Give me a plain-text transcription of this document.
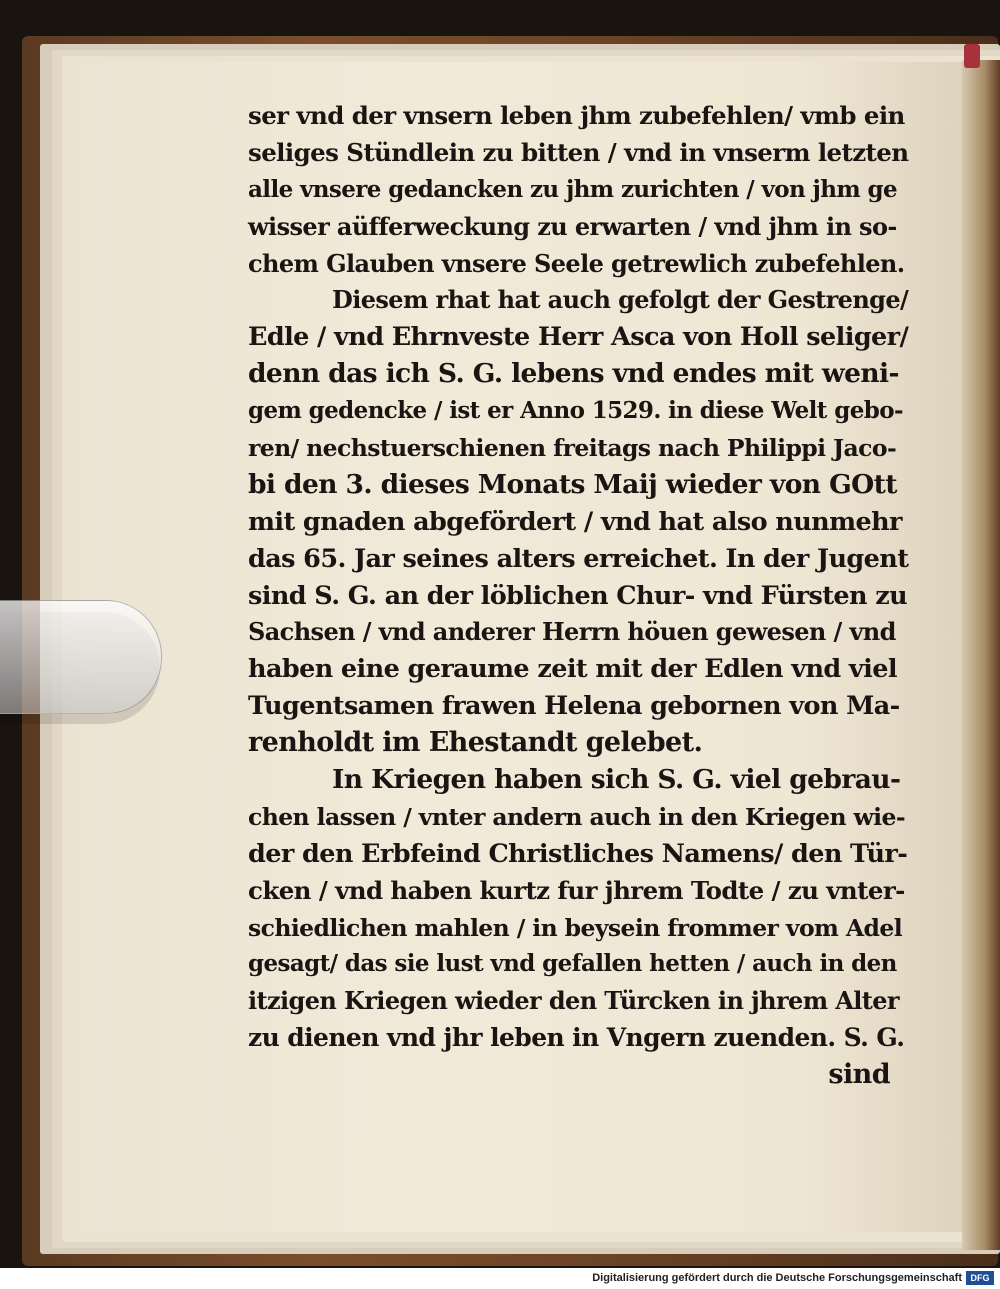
ser vnd der vnsern leben jhm zubefehlen/ vmb ein
seliges Stündlein zu bitten / vnd in vnserm letzten
alle vnsere gedancken zu jhm zurichten / von jhm ge
wisser aüfferweckung zu erwarten / vnd jhm in so-
chem Glauben vnsere Seele getrewlich zubefehlen.
Diesem rhat hat auch gefolgt der Gestrenge/
Edle / vnd Ehrnveste Herr Asca von Holl seliger/
denn das ich S. G. lebens vnd endes mit weni-
gem gedencke / ist er Anno 1529. in diese Welt gebo-
ren/ nechstuerschienen freitags nach Philippi Jaco-
bi den 3. dieses Monats Maij wieder von GOtt
mit gnaden abgefördert / vnd hat also nunmehr
das 65. Jar seines alters erreichet. In der Jugent
sind S. G. an der löblichen Chur- vnd Fürsten zu
Sachsen / vnd anderer Herrn höuen gewesen / vnd
haben eine geraume zeit mit der Edlen vnd viel
Tugentsamen frawen Helena gebornen von Ma-
renholdt im Ehestandt gelebet.
In Kriegen haben sich S. G. viel gebrau-
chen lassen / vnter andern auch in den Kriegen wie-
der den Erbfeind Christliches Namens/ den Tür-
cken / vnd haben kurtz fur jhrem Todte / zu vnter-
schiedlichen mahlen / in beysein frommer vom Adel
gesagt/ das sie lust vnd gefallen hetten / auch in den
itzigen Kriegen wieder den Türcken in jhrem Alter
zu dienen vnd jhr leben in Vngern zuenden. S. G.
sind
Digitalisierung gefördert durch die Deutsche Forschungsgemeinschaft DFG
